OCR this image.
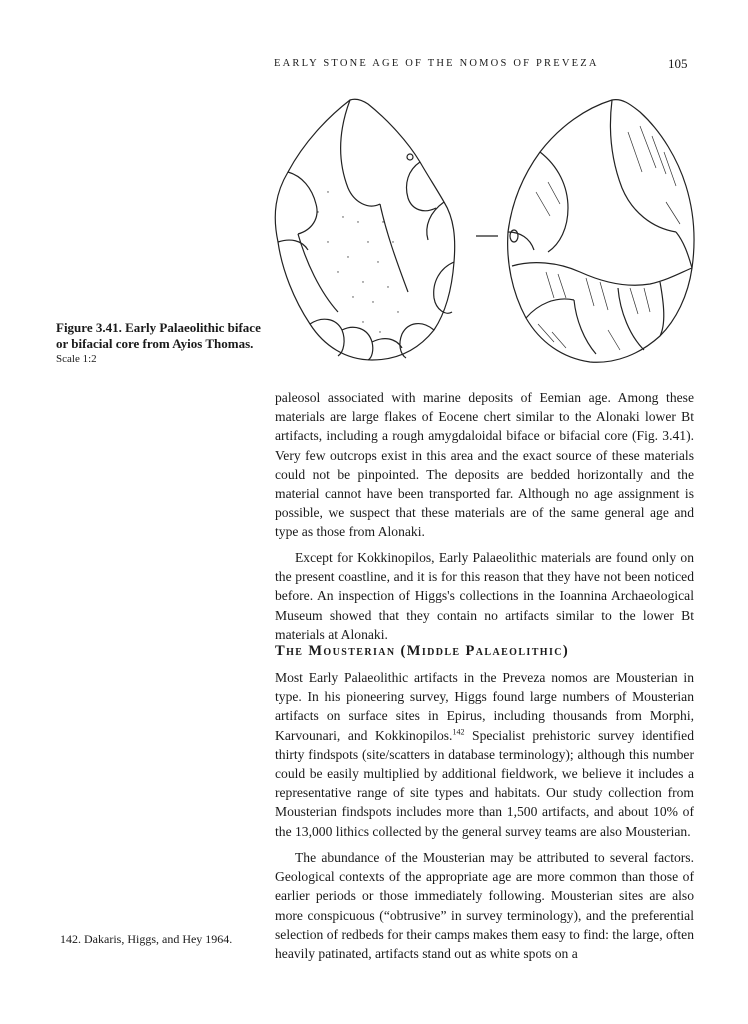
EARLY STONE AGE OF THE NOMOS OF PREVEZA	105

Figure 3.41. Early Palaeolithic biface or bifacial core from Ayios Thomas.

Scale 1:2

paleosol associated with marine deposits of Eemian age. Among these materials are large flakes of Eocene chert similar to the Alonaki lower Bt artifacts, including a rough amygdaloidal biface or bifacial core (Fig. 3.41). Very few outcrops exist in this area and the exact source of these materials could not be pinpointed. The deposits are bedded horizontally and the material cannot have been transported far. Although no age assignment is possible, we suspect that these materials are of the same general age and type as those from Alonaki.

Except for Kokkinopilos, Early Palaeolithic materials are found only on the present coastline, and it is for this reason that they have not been noticed before. An inspection of Higgs's collections in the Ioannina Archaeological Museum showed that they contain no artifacts similar to the lower Bt materials at Alonaki.

The Mousterian (Middle Palaeolithic)

Most Early Palaeolithic artifacts in the Preveza nomos are Mousterian in type. In his pioneering survey, Higgs found large numbers of Mousterian artifacts on surface sites in Epirus, including thousands from Morphi, Karvounari, and Kokkinopilos.$^{142}$ Specialist prehistoric survey identified thirty findspots (site/scatters in database terminology); although this number could be easily multiplied by additional fieldwork, we believe it includes a representative range of site types and habitats. Our study collection from Mousterian findspots includes more than 1,500 artifacts, and about 10% of the 13,000 lithics collected by the general survey teams are also Mousterian.

The abundance of the Mousterian may be attributed to several factors. Geological contexts of the appropriate age are more common than those of earlier periods or those immediately following. Mousterian sites are also more conspicuous (“obtrusive” in survey terminology), and the preferential selection of redbeds for their camps makes them easy to find: the large, often heavily patinated, artifacts stand out as white spots on a

142. Dakaris, Higgs, and Hey 1964.
